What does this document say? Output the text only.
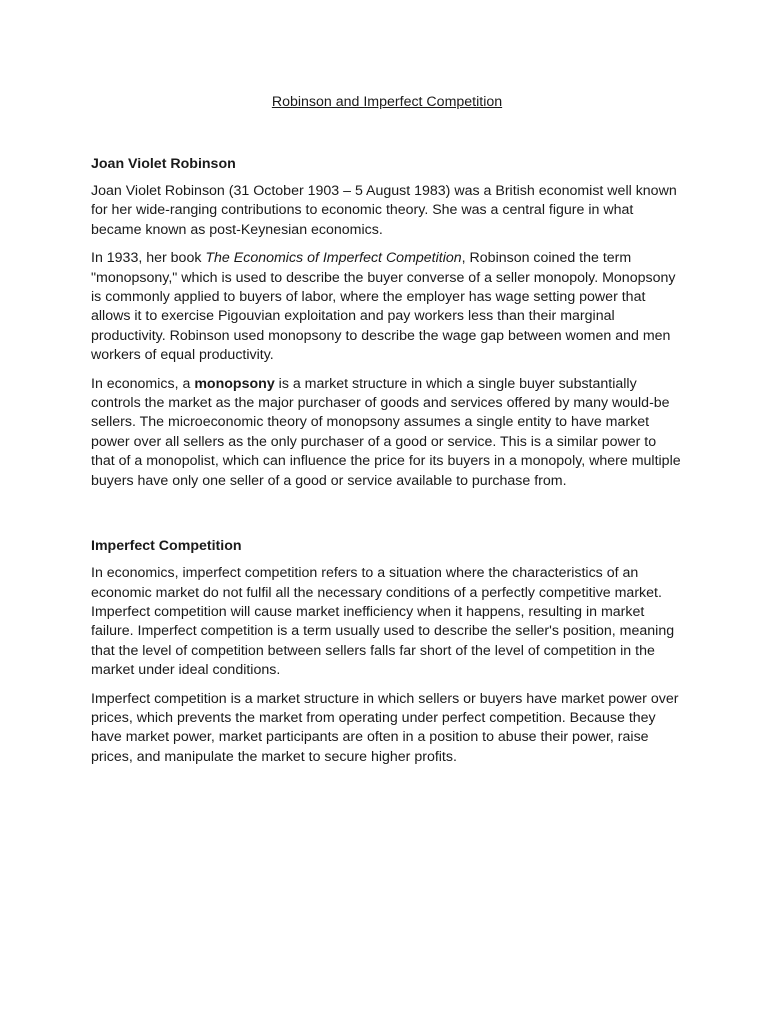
Robinson and Imperfect Competition

Joan Violet Robinson

Joan Violet Robinson (31 October 1903 – 5 August 1983) was a British economist well known for her wide-ranging contributions to economic theory. She was a central figure in what became known as post-Keynesian economics.

In 1933, her book The Economics of Imperfect Competition, Robinson coined the term "monopsony," which is used to describe the buyer converse of a seller monopoly. Monopsony is commonly applied to buyers of labor, where the employer has wage setting power that allows it to exercise Pigouvian exploitation and pay workers less than their marginal productivity. Robinson used monopsony to describe the wage gap between women and men workers of equal productivity.

In economics, a monopsony is a market structure in which a single buyer substantially controls the market as the major purchaser of goods and services offered by many would-be sellers. The microeconomic theory of monopsony assumes a single entity to have market power over all sellers as the only purchaser of a good or service. This is a similar power to that of a monopolist, which can influence the price for its buyers in a monopoly, where multiple buyers have only one seller of a good or service available to purchase from.

Imperfect Competition

In economics, imperfect competition refers to a situation where the characteristics of an economic market do not fulfil all the necessary conditions of a perfectly competitive market. Imperfect competition will cause market inefficiency when it happens, resulting in market failure. Imperfect competition is a term usually used to describe the seller's position, meaning that the level of competition between sellers falls far short of the level of competition in the market under ideal conditions.

Imperfect competition is a market structure in which sellers or buyers have market power over prices, which prevents the market from operating under perfect competition. Because they have market power, market participants are often in a position to abuse their power, raise prices, and manipulate the market to secure higher profits.
